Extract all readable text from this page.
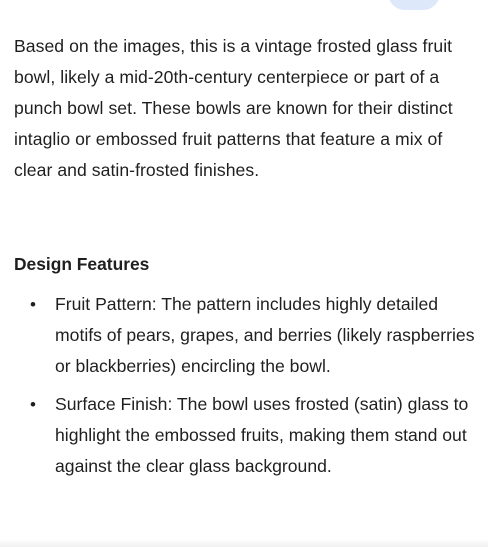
Based on the images, this is a vintage frosted glass fruit bowl, likely a mid-20th-century centerpiece or part of a punch bowl set. These bowls are known for their distinct intaglio or embossed fruit patterns that feature a mix of clear and satin-frosted finishes.

Design Features
• Fruit Pattern: The pattern includes highly detailed motifs of pears, grapes, and berries (likely raspberries or blackberries) encircling the bowl.
• Surface Finish: The bowl uses frosted (satin) glass to highlight the embossed fruits, making them stand out against the clear glass background.
